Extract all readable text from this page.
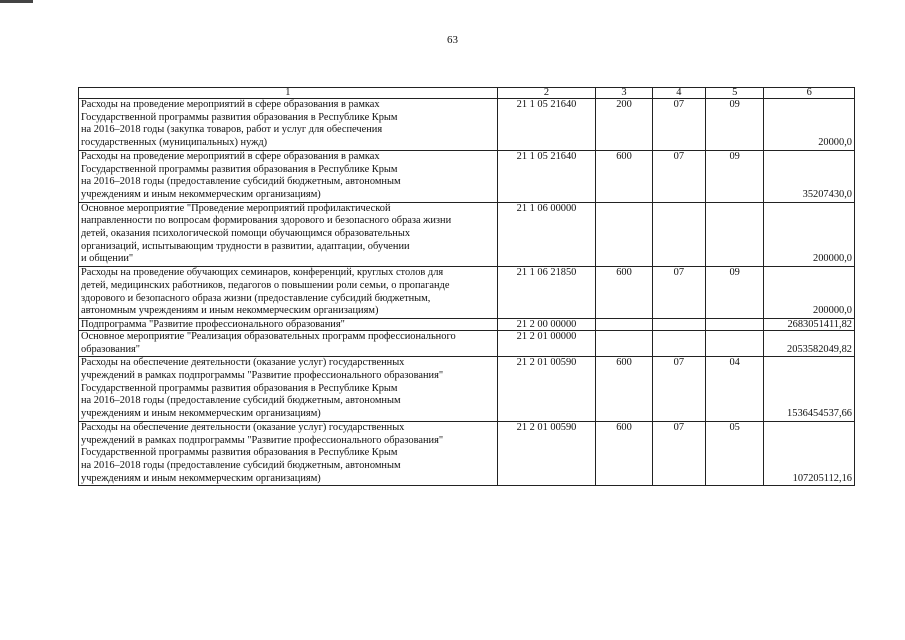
63
1	2	3	4	5	6
Расходы на проведение мероприятий в сфере образования в рамках
Государственной программы развития образования в Республике Крым
на 2016–2018 годы (закупка товаров, работ и услуг для обеспечения
государственных (муниципальных) нужд)	21 1 05 21640	200	07	09	20000,0
Расходы на проведение мероприятий в сфере образования в рамках
Государственной программы развития образования в Республике Крым
на 2016–2018 годы (предоставление субсидий бюджетным, автономным
учреждениям и иным некоммерческим организациям)	21 1 05 21640	600	07	09	35207430,0
Основное мероприятие "Проведение мероприятий профилактической
направленности по вопросам формирования здорового и безопасного образа жизни
детей, оказания психологической помощи обучающимся образовательных
организаций, испытывающим трудности в развитии, адаптации, обучении
и общении"	21 1 06 00000				200000,0
Расходы на проведение обучающих семинаров, конференций, круглых столов для
детей, медицинских работников, педагогов о повышении роли семьи, о пропаганде
здорового и безопасного образа жизни (предоставление субсидий бюджетным,
автономным учреждениям и иным некоммерческим организациям)	21 1 06 21850	600	07	09	200000,0
Подпрограмма "Развитие профессионального образования"	21 2 00 00000				2683051411,82
Основное мероприятие "Реализация образовательных программ профессионального
образования"	21 2 01 00000				2053582049,82
Расходы на обеспечение деятельности (оказание услуг) государственных
учреждений в рамках подпрограммы "Развитие профессионального образования"
Государственной программы развития образования в Республике Крым
на 2016–2018 годы (предоставление субсидий бюджетным, автономным
учреждениям и иным некоммерческим организациям)	21 2 01 00590	600	07	04	1536454537,66
Расходы на обеспечение деятельности (оказание услуг) государственных
учреждений в рамках подпрограммы "Развитие профессионального образования"
Государственной программы развития образования в Республике Крым
на 2016–2018 годы (предоставление субсидий бюджетным, автономным
учреждениям и иным некоммерческим организациям)	21 2 01 00590	600	07	05	107205112,16
